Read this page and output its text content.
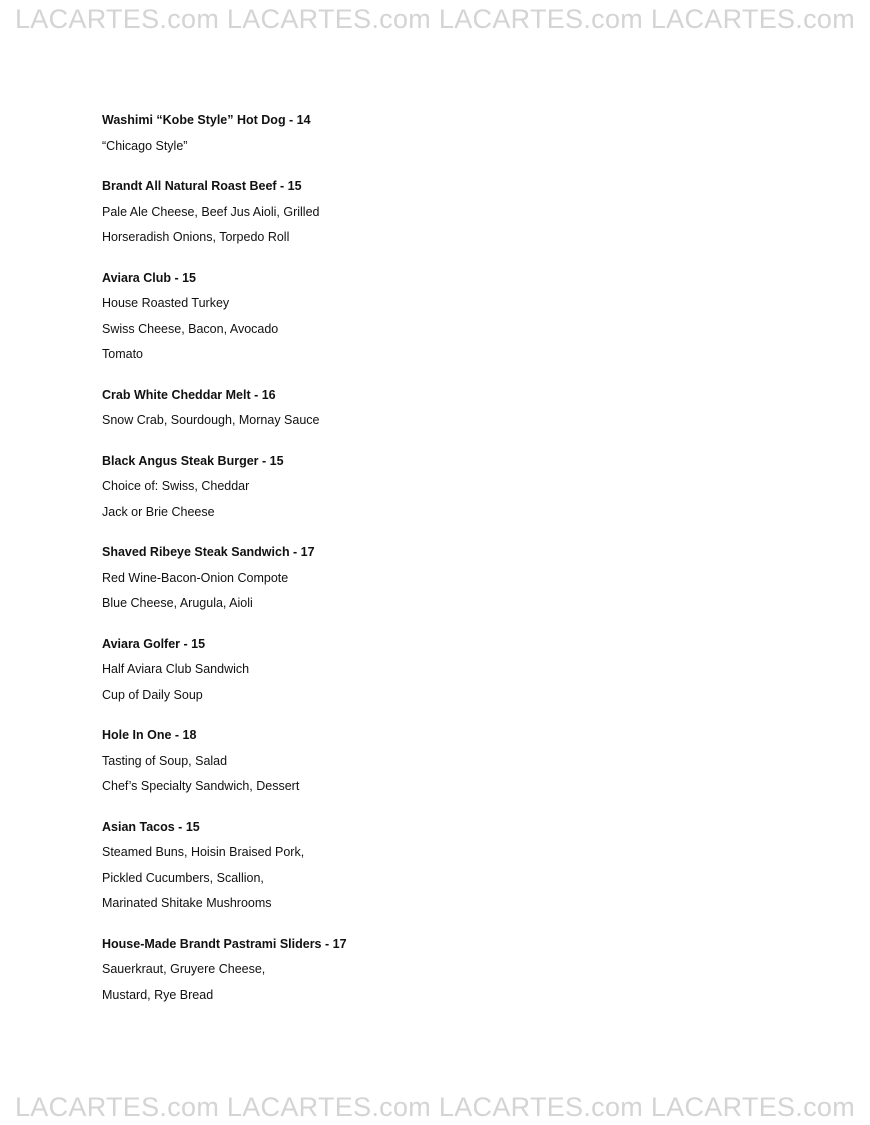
LACARTES.com LACARTES.com LACARTES.com LACARTES.com
Washimi “Kobe Style” Hot Dog - 14
“Chicago Style”
Brandt All Natural Roast Beef - 15
Pale Ale Cheese, Beef Jus Aioli, Grilled
Horseradish Onions, Torpedo Roll
Aviara Club - 15
House Roasted Turkey
Swiss Cheese, Bacon, Avocado
Tomato
Crab White Cheddar Melt - 16
Snow Crab, Sourdough, Mornay Sauce
Black Angus Steak Burger - 15
Choice of: Swiss, Cheddar
Jack or Brie Cheese
Shaved Ribeye Steak Sandwich - 17
Red Wine-Bacon-Onion Compote
Blue Cheese, Arugula, Aioli
Aviara Golfer - 15
Half Aviara Club Sandwich
Cup of Daily Soup
Hole In One - 18
Tasting of Soup, Salad
Chef’s Specialty Sandwich, Dessert
Asian Tacos - 15
Steamed Buns, Hoisin Braised Pork,
Pickled Cucumbers, Scallion,
Marinated Shitake Mushrooms
House-Made Brandt Pastrami Sliders - 17
Sauerkraut, Gruyere Cheese,
Mustard, Rye Bread
LACARTES.com LACARTES.com LACARTES.com LACARTES.com
